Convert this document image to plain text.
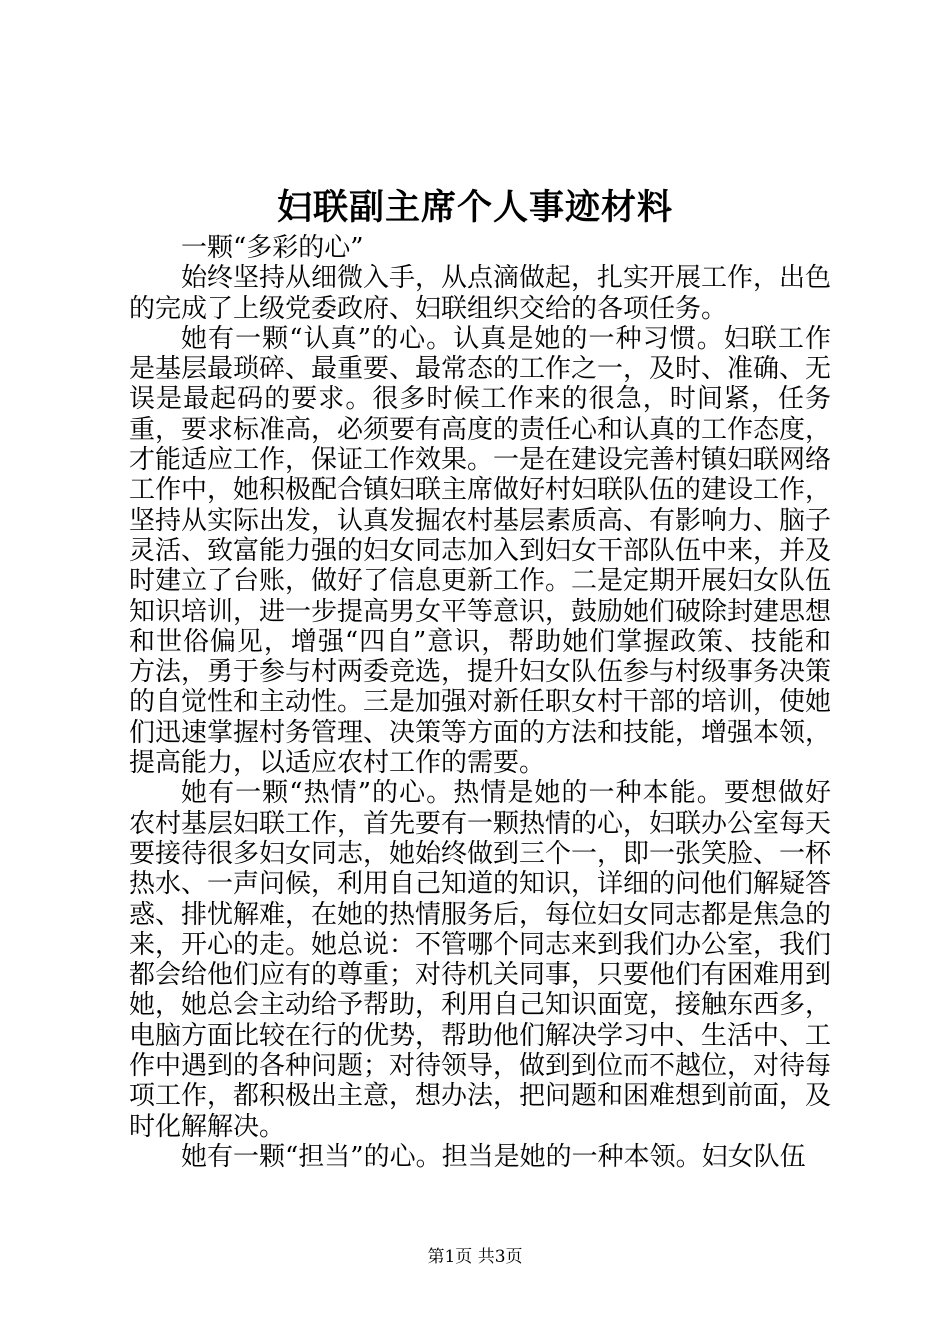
妇联副主席个人事迹材料

一颗“多彩的心”

始终坚持从细微入手，从点滴做起，扎实开展工作，出色的完成了上级党委政府、妇联组织交给的各项任务。

她有一颗“认真”的心。认真是她的一种习惯。妇联工作是基层最琐碎、最重要、最常态的工作之一，及时、准确、无误是最起码的要求。很多时候工作来的很急，时间紧，任务重，要求标准高，必须要有高度的责任心和认真的工作态度，才能适应工作，保证工作效果。一是在建设完善村镇妇联网络工作中，她积极配合镇妇联主席做好村妇联队伍的建设工作，坚持从实际出发，认真发掘农村基层素质高、有影响力、脑子灵活、致富能力强的妇女同志加入到妇女干部队伍中来，并及时建立了台账，做好了信息更新工作。二是定期开展妇女队伍知识培训，进一步提高男女平等意识，鼓励她们破除封建思想和世俗偏见，增强“四自”意识，帮助她们掌握政策、技能和方法，勇于参与村两委竞选，提升妇女队伍参与村级事务决策的自觉性和主动性。三是加强对新任职女村干部的培训，使她们迅速掌握村务管理、决策等方面的方法和技能，增强本领，提高能力，以适应农村工作的需要。

她有一颗“热情”的心。热情是她的一种本能。要想做好农村基层妇联工作，首先要有一颗热情的心，妇联办公室每天要接待很多妇女同志，她始终做到三个一，即一张笑脸、一杯热水、一声问候，利用自己知道的知识，详细的问他们解疑答惑、排忧解难，在她的热情服务后，每位妇女同志都是焦急的来，开心的走。她总说：不管哪个同志来到我们办公室，我们都会给他们应有的尊重；对待机关同事，只要他们有困难用到她，她总会主动给予帮助，利用自己知识面宽，接触东西多，电脑方面比较在行的优势，帮助他们解决学习中、生活中、工作中遇到的各种问题；对待领导，做到到位而不越位，对待每项工作，都积极出主意，想办法，把问题和困难想到前面，及时化解解决。

她有一颗“担当”的心。担当是她的一种本领。妇女队伍

第1页 共3页
